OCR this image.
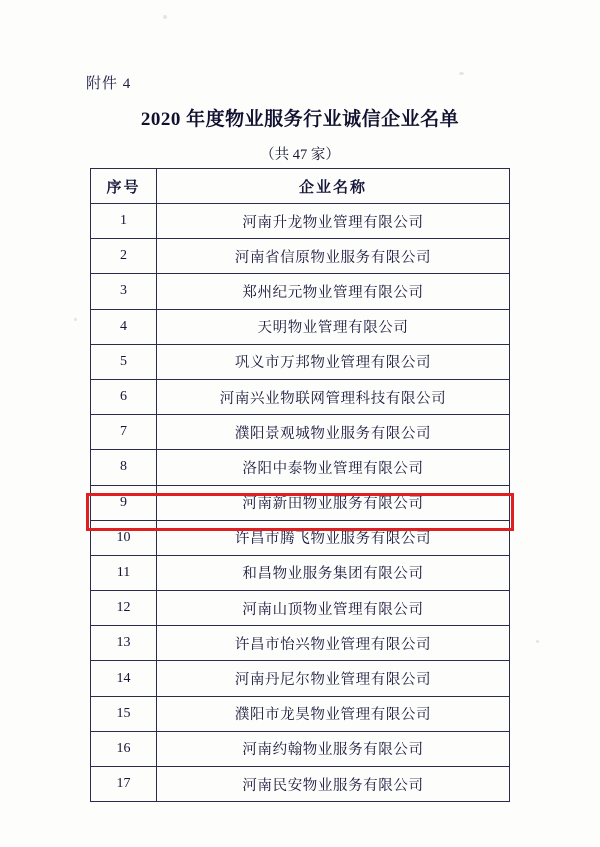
附件 4
2020 年度物业服务行业诚信企业名单
（共 47 家）
序号	企业名称
1	河南升龙物业管理有限公司
2	河南省信原物业服务有限公司
3	郑州纪元物业管理有限公司
4	天明物业管理有限公司
5	巩义市万邦物业管理有限公司
6	河南兴业物联网管理科技有限公司
7	濮阳景观城物业服务有限公司
8	洛阳中泰物业管理有限公司
9	河南新田物业服务有限公司
10	许昌市腾飞物业服务有限公司
11	和昌物业服务集团有限公司
12	河南山顶物业管理有限公司
13	许昌市怡兴物业管理有限公司
14	河南丹尼尔物业管理有限公司
15	濮阳市龙昊物业管理有限公司
16	河南约翰物业服务有限公司
17	河南民安物业服务有限公司
